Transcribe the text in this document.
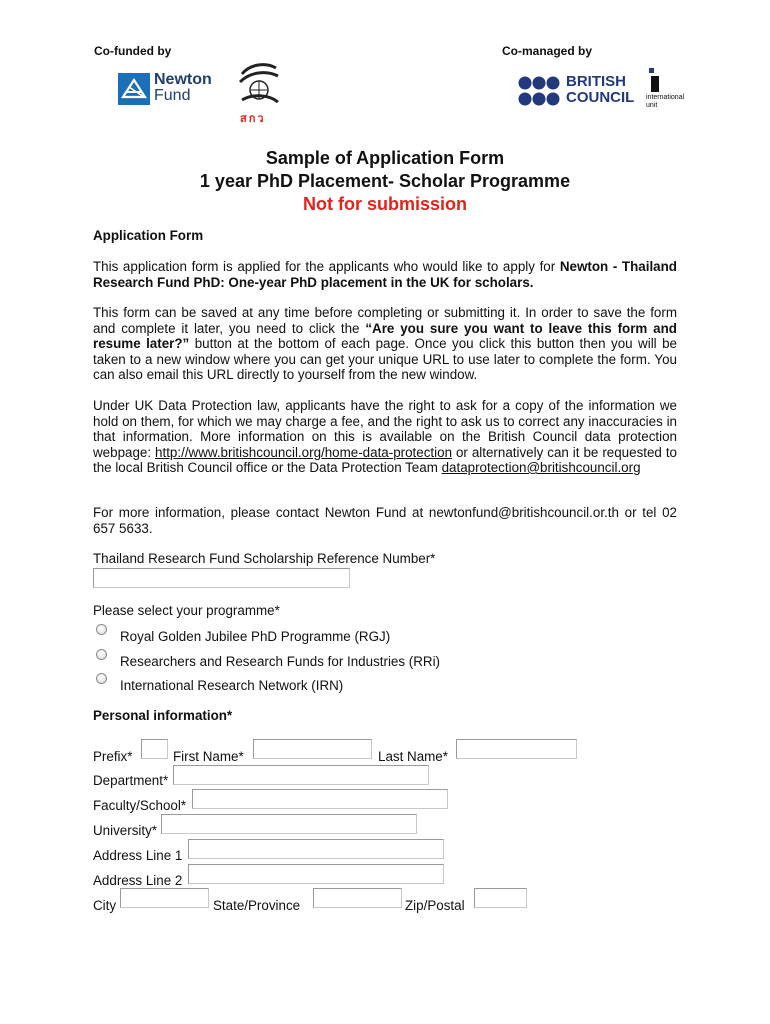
Co-funded by	Co-managed by
Newton
Fund
สกว
BRITISH
COUNCIL international
unit
Sample of Application Form
1 year PhD Placement- Scholar Programme
Not for submission
Application Form
This application form is applied for the applicants who would like to apply for Newton - Thailand Research Fund PhD: One-year PhD placement in the UK for scholars.
This form can be saved at any time before completing or submitting it. In order to save the form and complete it later, you need to click the “Are you sure you want to leave this form and resume later?” button at the bottom of each page. Once you click this button then you will be taken to a new window where you can get your unique URL to use later to complete the form. You can also email this URL directly to yourself from the new window.
Under UK Data Protection law, applicants have the right to ask for a copy of the information we hold on them, for which we may charge a fee, and the right to ask us to correct any inaccuracies in that information. More information on this is available on the British Council data protection webpage: http://www.britishcouncil.org/home-data-protection or alternatively can it be requested to the local British Council office or the Data Protection Team dataprotection@britishcouncil.org
For more information, please contact Newton Fund at newtonfund@britishcouncil.or.th or tel 02 657 5633.
Thailand Research Fund Scholarship Reference Number*
Please select your programme*
Royal Golden Jubilee PhD Programme (RGJ)
Researchers and Research Funds for Industries (RRi)
International Research Network (IRN)
Personal information*
Prefix*	First Name*	Last Name*
Department*
Faculty/School*
University*
Address Line 1
Address Line 2
City	State/Province	Zip/Postal
